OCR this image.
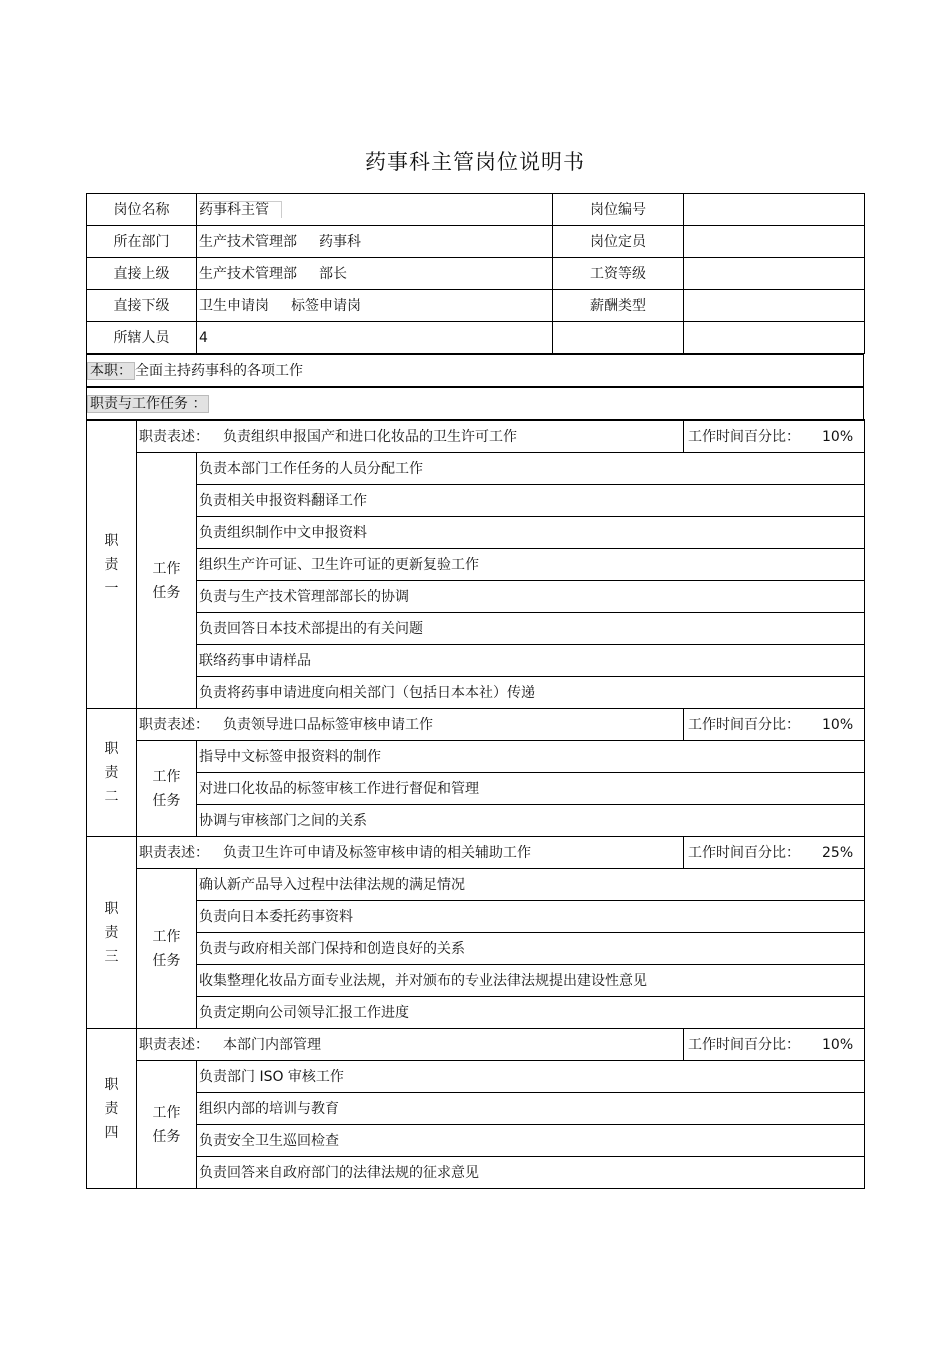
药事科主管岗位说明书
岗位名称	药事科主管	岗位编号	
所在部门	生产技术管理部 药事科	岗位定员	
直接上级	生产技术管理部 部长	工资等级	
直接下级	卫生申请岗 标签申请岗	薪酬类型	
所辖人员	4		
本职： 全面主持药事科的各项工作
职责与工作任务 ：
职
责
一	职责表述： 负责组织申报国产和进口化妆品的卫生许可工作		工作时间百分比： 10%
	工作
任务	负责本部门工作任务的人员分配工作	
		负责相关申报资料翻译工作	
		负责组织制作中文申报资料	
		组织生产许可证、卫生许可证的更新复验工作	
		负责与生产技术管理部部长的协调	
		负责回答日本技术部提出的有关问题	
		联络药事申请样品	
		负责将药事申请进度向相关部门（包括日本本社）传递	
职
责
二	职责表述： 负责领导进口品标签审核申请工作		工作时间百分比： 10%
	工作
任务	指导中文标签申报资料的制作	
		对进口化妆品的标签审核工作进行督促和管理	
		协调与审核部门之间的关系	
职
责
三	职责表述： 负责卫生许可申请及标签审核申请的相关辅助工作		工作时间百分比： 25%
	工作
任务	确认新产品导入过程中法律法规的满足情况	
		负责向日本委托药事资料	
		负责与政府相关部门保持和创造良好的关系	
		收集整理化妆品方面专业法规，并对颁布的专业法律法规提出建设性意见	
		负责定期向公司领导汇报工作进度	
职
责
四	职责表述： 本部门内部管理		工作时间百分比： 10%
	工作
任务	负责部门 ISO 审核工作	
		组织内部的培训与教育	
		负责安全卫生巡回检查	
		负责回答来自政府部门的法律法规的征求意见	
